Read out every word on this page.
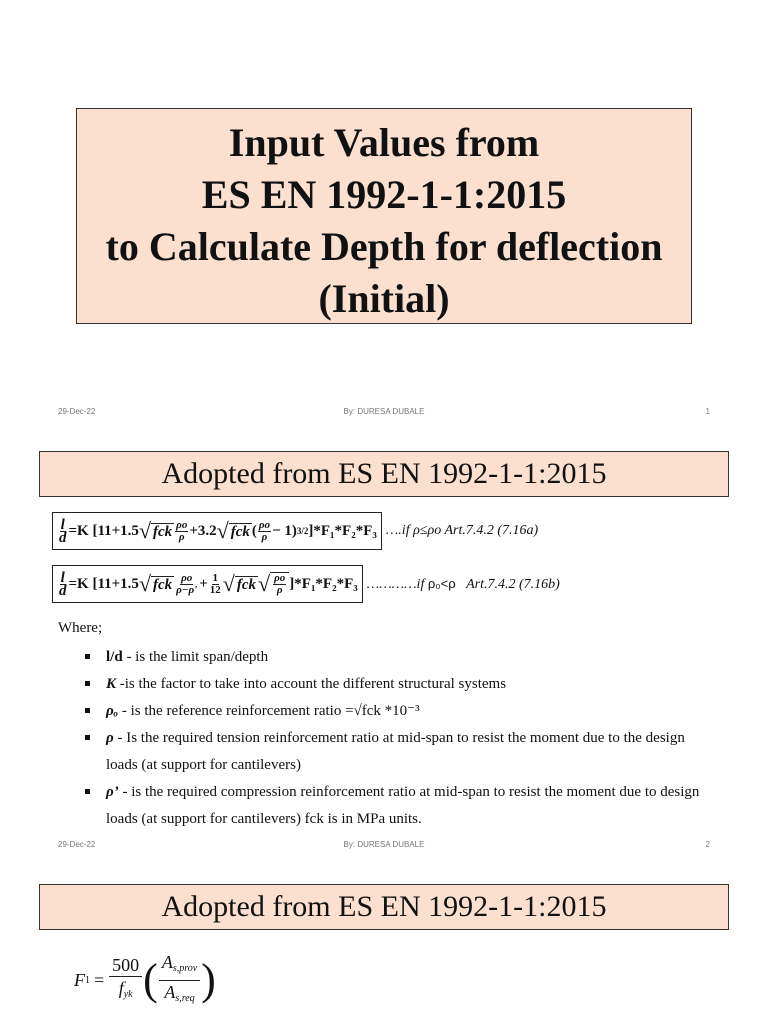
Input Values from
ES EN 1992-1-1:2015
to Calculate Depth for deflection
(Initial)
29-Dec-22	By: DURESA DUBALE	1
Adopted from ES EN 1992-1-1:2015
$\frac{l}{d} =K$ [11+1.5 √ fck $\frac{\rho o}{\rho} +3.2$ √ fck ( $\frac{\rho o}{\rho} - 1$) 3/2 ]*F₁*F₂*F₃ ….if ρ≤ρo Art.7.4.2 (7.16a)
$\frac{l}{d} =K$ [11+1.5 √ fck $\frac{\rho o}{\rho-\rho'} + \frac{1}{12}$ √ fck √ $\frac{\rho o}{\rho} ]*F_1*F_2*F_3$ …………if ρ₀<ρ Art.7.4.2 (7.16b)
Where;
l/d - is the limit span/depth
K -is the factor to take into account the different structural systems
ρₒ - is the reference reinforcement ratio =√fck *10⁻³
ρ - Is the required tension reinforcement ratio at mid-span to resist the moment due to the design loads (at support for cantilevers)
ρ’ - is the required compression reinforcement ratio at mid-span to resist the moment due to design loads (at support for cantilevers) fck is in MPa units.
29-Dec-22	By: DURESA DUBALE	2
Adopted from ES EN 1992-1-1:2015
F $1 = \frac{500}{f_{yk}}$ ( $\frac{A_{s,prov}}{A_{s,req}}$ )
